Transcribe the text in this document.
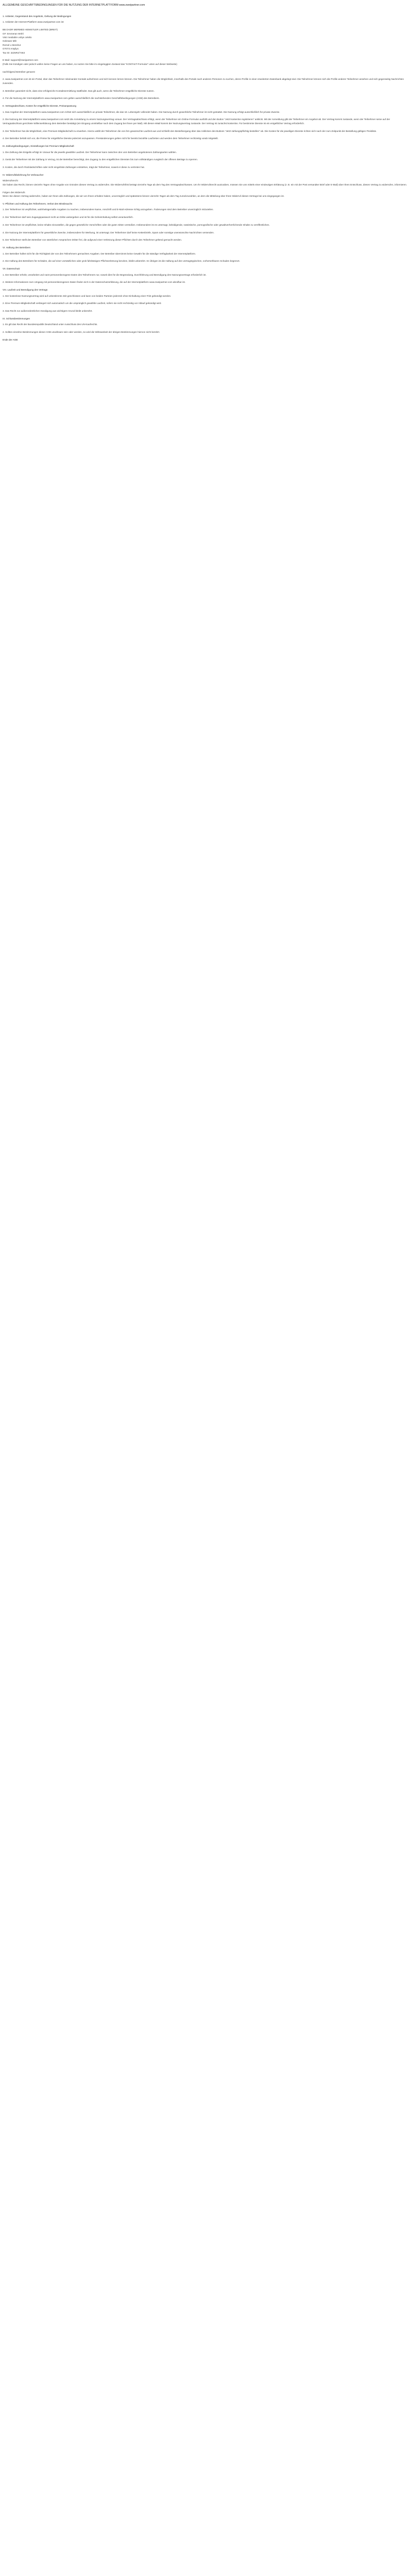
ALLGEMEINE GESCHÄFTSBEDINGUNGEN FÜR DIE NUTZUNG DER INTERNETPLATTFORM www.zweipartner.com
1. Anbieter, Gegenstand des Angebots, Geltung der Bedingungen

1. Anbieter der Internet-Plattform www.zweipartner.com ist:

BB DADR MERMED HEIMSTLER LIMITED (BREIT)
GF: Emmeran Wöhl
Vistr medialtre voltys celelio
Gelesam Milt
Remel u Merelrut
GT073 Antyliys
Tax ID: 3225R4/7463

E-Mail: support@zweipartner.com
(Falls Sie Kündigen oder jedoch wollen keine Fragen an uns haben, so nutzen Sie bitte im eingeloggten Zustand das "KONTAKT-Formular" unten auf dieser Webseite)

nachfolgend Betreiber genannt

2. www.zweipartner.com ist ein Portal, über das Teilnehmer miteinander Kontakt aufnehmen und sich kennen lernen können. Die Teilnehmer haben die Möglichkeit, innerhalb des Portals nach anderen Personen zu suchen, deren Profile in einer erweiterten Datenbank abgelegt sind. Die Teilnehmer können sich die Profile anderer Teilnehmer ansehen und sich gegenseitig Nachrichten zusenden.

3. Betreiber garantiert nicht, dass eine erfolgreiche Kontaktvermittlung stattfindet. Das gilt auch, wenn die Teilnehmer entgeltliche Dienste nutzen.

4. Für die Nutzung der Internetplattform www.zweipartner.com gelten ausschließlich die nachstehenden Geschäftsbedingungen (AGB) des Betreibers.

II. Vertragsabschluss, Kosten für entgeltliche Dienste, Preisanpassung

1. Das Angebot der Internetplattform www.zweipartner.com richtet sich ausschließlich an private Teilnehmer, die das 18. Lebensjahr vollendet haben. Die Nutzung durch gewerbliche Teilnehmer ist nicht gestattet. Die Nutzung erfolgt ausschließlich für private Zwecke.

2. Die Nutzung der Internetplattform www.zweipartner.com setzt die Anmeldung zu einem Nutzungsvertrag voraus. Der Vertragsabschluss erfolgt, wenn der Teilnehmer ein Online-Formular ausfüllt und den Button "Jetzt kostenlos registrieren" anklickt. Mit der Anmeldung gibt der Teilnehmer ein Angebot ab. Der Vertrag kommt zustande, wenn der Teilnehmer seine auf der Vertragsabschluss gerichtete Willenserklärung dem Betreiber bestätigt (ein Eingang unmittelbar nach dem Zugang bei Ihnen per Mail). Mit dieser eMail kommt der Nutzungsvertrag zustande. Der Vertrag ist zunächst kostenlos. Für bestimmte Dienste ist ein entgeltlicher Vertrag erforderlich.

3. Der Teilnehmer hat die Möglichkeit, eine Premium-Mitgliedschaft zu erwerben. Hierzu wählt der Teilnehmer die von ihm gewünschte Laufzeit aus und schließt den Bestellvorgang über das Anklicken des Buttons "Jetzt zahlungspflichtig bestellen" ab. Die Kosten für die jeweiligen Dienste richten sich nach der zum Zeitpunkt der Bestellung gültigen Preisliste.

4. Der Betreiber behält sich vor, die Preise für entgeltliche Dienste jederzeit anzupassen. Preisänderungen gelten nicht für bereits bezahlte Laufzeiten und werden dem Teilnehmer rechtzeitig vorab mitgeteilt.

III. Zahlungsbedingungen, Einstellungen bei Premium-Mitgliedschaft

1. Die Zahlung des Entgelts erfolgt im Voraus für die jeweils gewählte Laufzeit. Der Teilnehmer kann zwischen den vom Betreiber angebotenen Zahlungsarten wählen.

2. Gerät der Teilnehmer mit der Zahlung in Verzug, ist der Betreiber berechtigt, den Zugang zu den entgeltlichen Diensten bis zum vollständigen Ausgleich der offenen Beträge zu sperren.

3. Kosten, die durch Rücklastschriften oder nicht eingelöste Zahlungen entstehen, trägt der Teilnehmer, soweit er diese zu vertreten hat.

IV. Widerrufsbelehrung für Verbraucher

Widerrufsrecht
Sie haben das Recht, binnen vierzehn Tagen ohne Angabe von Gründen diesen Vertrag zu widerrufen. Die Widerrufsfrist beträgt vierzehn Tage ab dem Tag des Vertragsabschlusses. Um Ihr Widerrufsrecht auszuüben, müssen Sie uns mittels einer eindeutigen Erklärung (z. B. ein mit der Post versandter Brief oder E-Mail) über Ihren Entschluss, diesen Vertrag zu widerrufen, informieren.

Folgen des Widerrufs
Wenn Sie diesen Vertrag widerrufen, haben wir Ihnen alle Zahlungen, die wir von Ihnen erhalten haben, unverzüglich und spätestens binnen vierzehn Tagen ab dem Tag zurückzuzahlen, an dem die Mitteilung über Ihren Widerruf dieses Vertrags bei uns eingegangen ist.

V. Pflichten und Haftung des Teilnehmers, Verbot des Missbrauchs

1. Der Teilnehmer ist verpflichtet, wahrheitsgemäße Angaben zu machen, insbesondere Name, Anschrift und E-Mail-Adresse richtig anzugeben. Änderungen sind dem Betreiber unverzüglich mitzuteilen.

2. Der Teilnehmer darf sein Zugangspasswort nicht an Dritte weitergeben und ist für die Geheimhaltung selbst verantwortlich.

3. Der Teilnehmer ist verpflichtet, keine Inhalte einzustellen, die gegen gesetzliche Vorschriften oder die guten Sitten verstoßen. Insbesondere ist es untersagt, beleidigende, rassistische, pornografische oder gewaltverherrlichende Inhalte zu veröffentlichen.

4. Die Nutzung der Internetplattform für gewerbliche Zwecke, insbesondere für Werbung, ist untersagt. Der Teilnehmer darf keine Kettenbriefe, Spam oder sonstige unerwünschte Nachrichten versenden.

5. Der Teilnehmer stellt den Betreiber von sämtlichen Ansprüchen Dritter frei, die aufgrund einer Verletzung dieser Pflichten durch den Teilnehmer geltend gemacht werden.

VI. Haftung des Betreibers

1. Der Betreiber haftet nicht für die Richtigkeit der von den Teilnehmern gemachten Angaben. Der Betreiber übernimmt keine Gewähr für die ständige Verfügbarkeit der Internetplattform.

2. Die Haftung des Betreibers für Schäden, die auf einer vorsätzlichen oder grob fahrlässigen Pflichtverletzung beruhen, bleibt unberührt. Im Übrigen ist die Haftung auf den vertragstypischen, vorhersehbaren Schaden begrenzt.

VII. Datenschutz

1. Der Betreiber erhebt, verarbeitet und nutzt personenbezogene Daten des Teilnehmers nur, soweit dies für die Begründung, Durchführung und Beendigung des Nutzungsvertrags erforderlich ist.

2. Weitere Informationen zum Umgang mit personenbezogenen Daten finden sich in der Datenschutzerklärung, die auf der Internetplattform www.zweipartner.com abrufbar ist.

VIII. Laufzeit und Beendigung des Vertrags

1. Der kostenlose Nutzungsvertrag wird auf unbestimmte Zeit geschlossen und kann von beiden Parteien jederzeit ohne Einhaltung einer Frist gekündigt werden.

2. Eine Premium-Mitgliedschaft verlängert sich automatisch um die ursprünglich gewählte Laufzeit, sofern sie nicht rechtzeitig vor Ablauf gekündigt wird.

3. Das Recht zur außerordentlichen Kündigung aus wichtigem Grund bleibt unberührt.

IX. Schlussbestimmungen

1. Es gilt das Recht der Bundesrepublik Deutschland unter Ausschluss des UN-Kaufrechts.

2. Sollten einzelne Bestimmungen dieser AGB unwirksam sein oder werden, so wird die Wirksamkeit der übrigen Bestimmungen hiervon nicht berührt.

Ende der AGB
